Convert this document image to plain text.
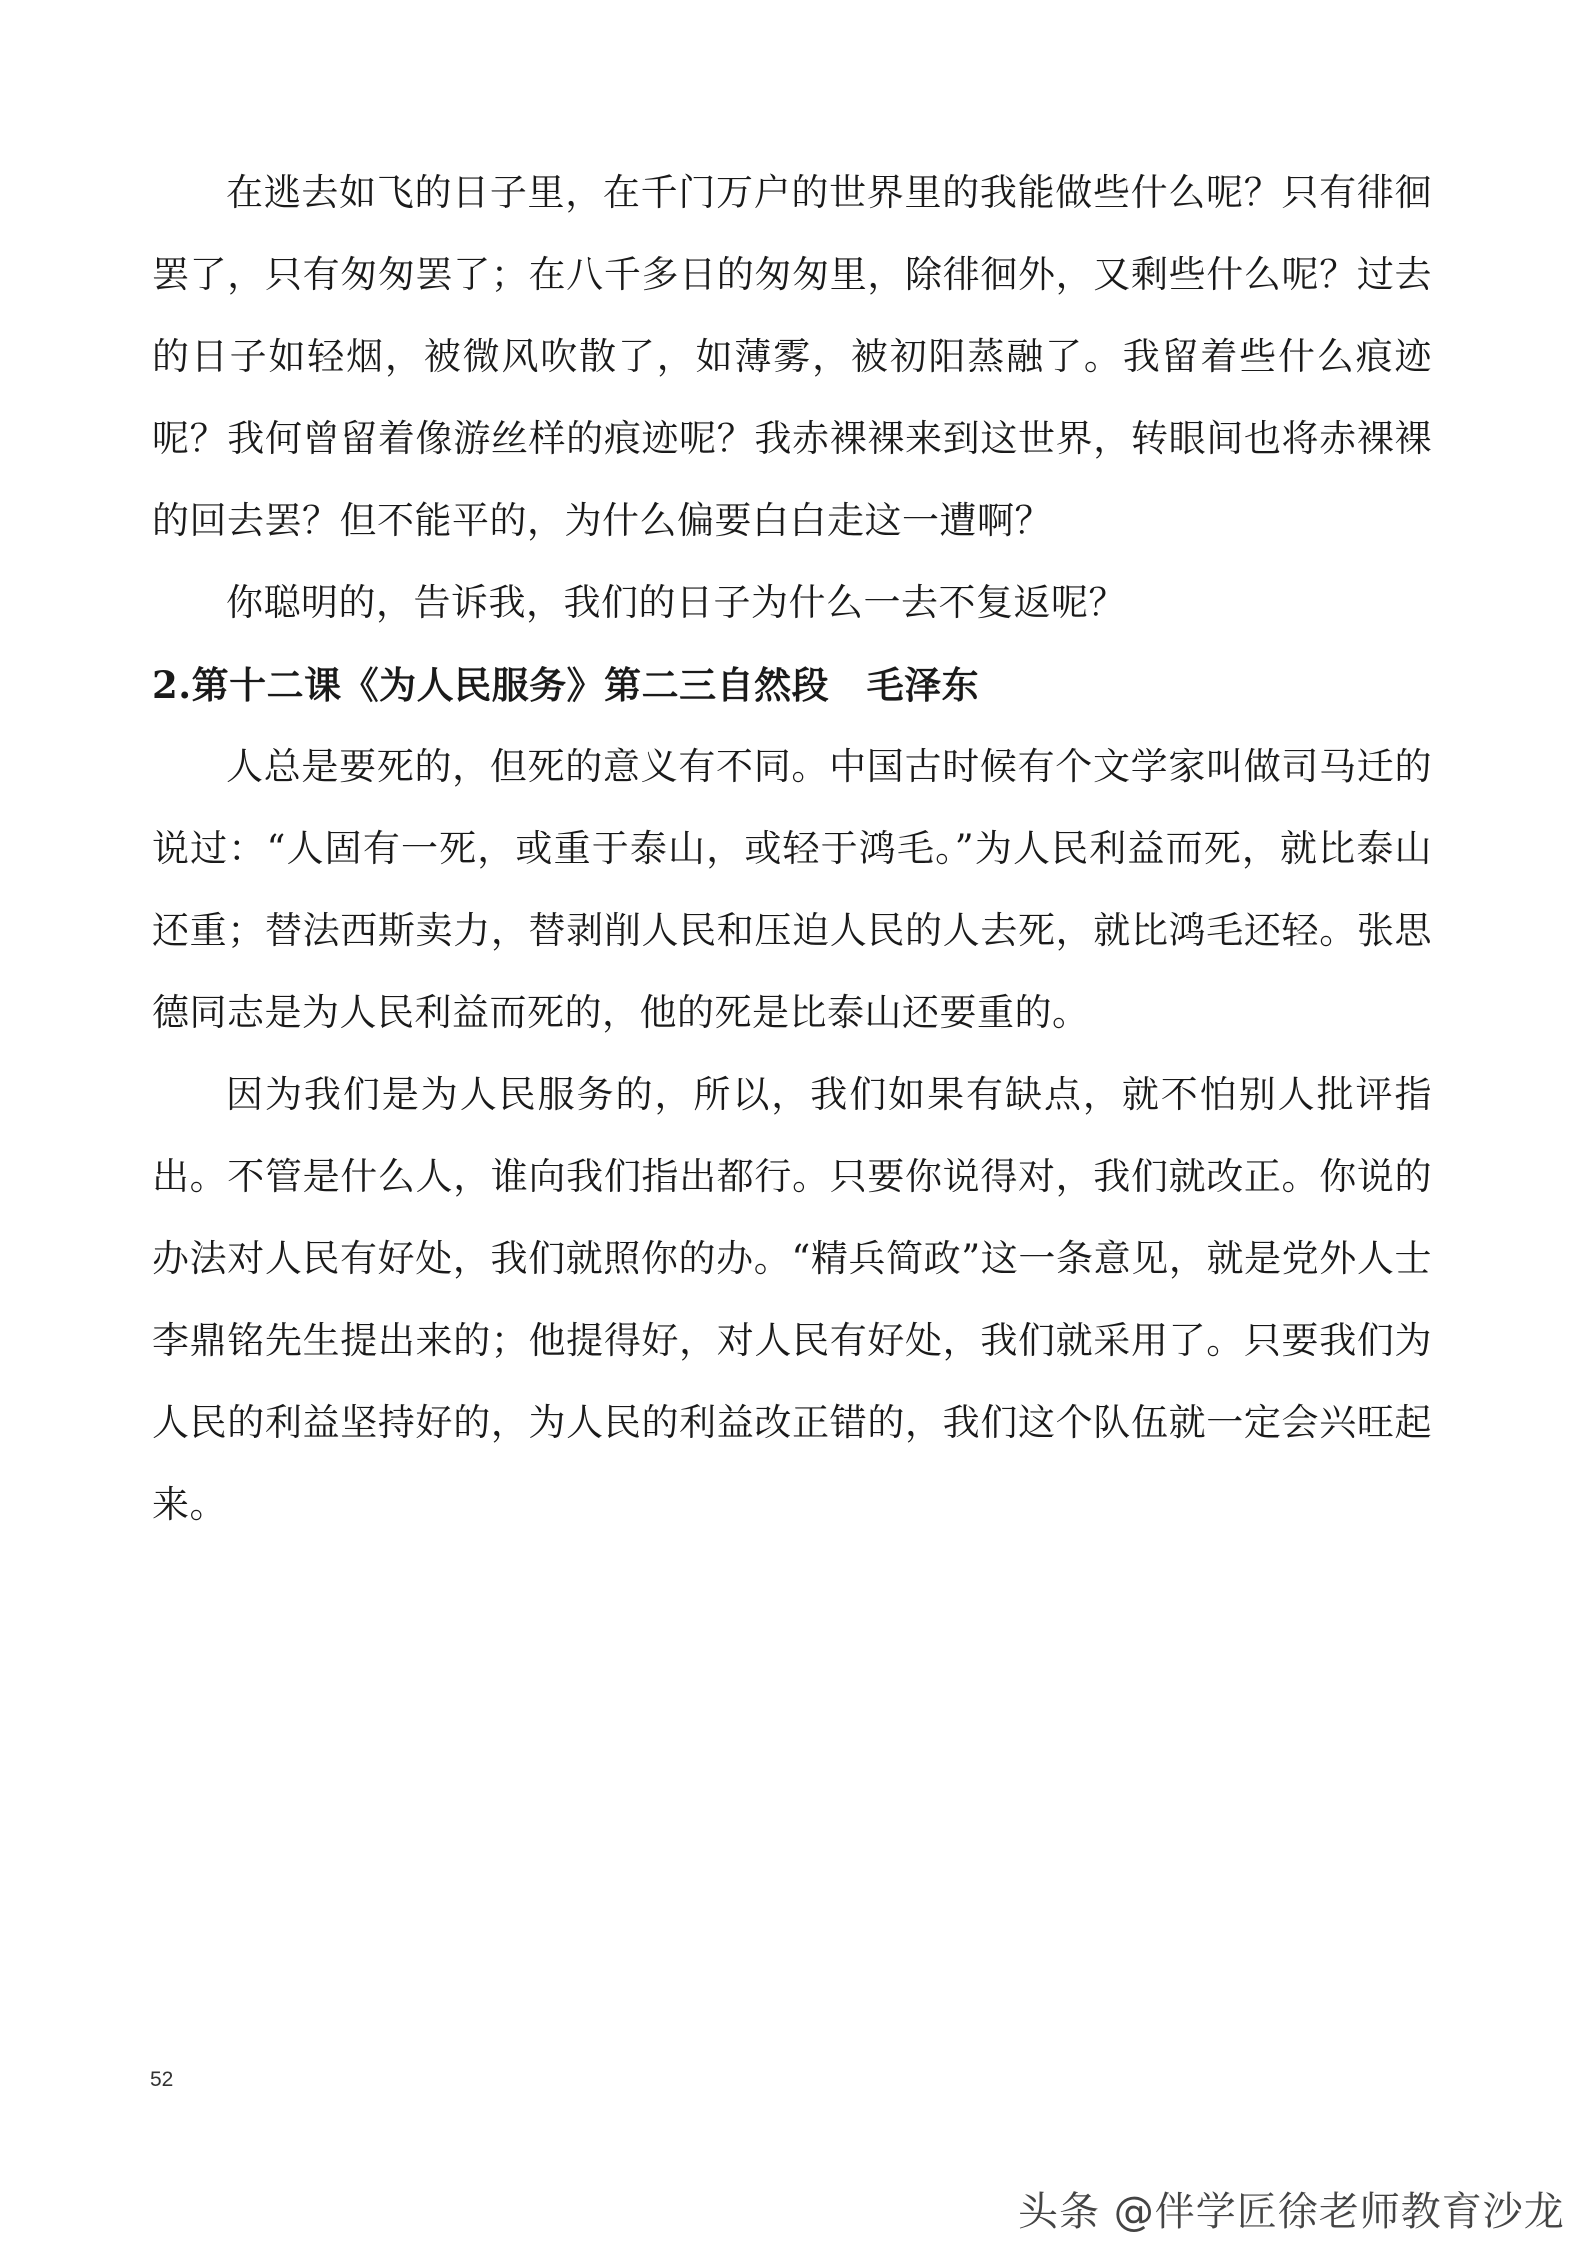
在逃去如飞的日子里，在千门万户的世界里的我能做些什么呢？只有徘徊罢了，只有匆匆罢了；在八千多日的匆匆里，除徘徊外，又剩些什么呢？过去的日子如轻烟，被微风吹散了，如薄雾，被初阳蒸融了。我留着些什么痕迹呢？我何曾留着像游丝样的痕迹呢？我赤裸裸来到这世界，转眼间也将赤裸裸的回去罢？但不能平的，为什么偏要白白走这一遭啊？

你聪明的，告诉我，我们的日子为什么一去不复返呢？

2.第十二课《为人民服务》第二三自然段　毛泽东

人总是要死的，但死的意义有不同。中国古时候有个文学家叫做司马迁的说过：“人固有一死，或重于泰山，或轻于鸿毛。”为人民利益而死，就比泰山还重；替法西斯卖力，替剥削人民和压迫人民的人去死，就比鸿毛还轻。张思德同志是为人民利益而死的，他的死是比泰山还要重的。

因为我们是为人民服务的，所以，我们如果有缺点，就不怕别人批评指出。不管是什么人，谁向我们指出都行。只要你说得对，我们就改正。你说的办法对人民有好处，我们就照你的办。“精兵简政”这一条意见，就是党外人士李鼎铭先生提出来的；他提得好，对人民有好处，我们就采用了。只要我们为人民的利益坚持好的，为人民的利益改正错的，我们这个队伍就一定会兴旺起来。

52
头条 @伴学匠徐老师教育沙龙
